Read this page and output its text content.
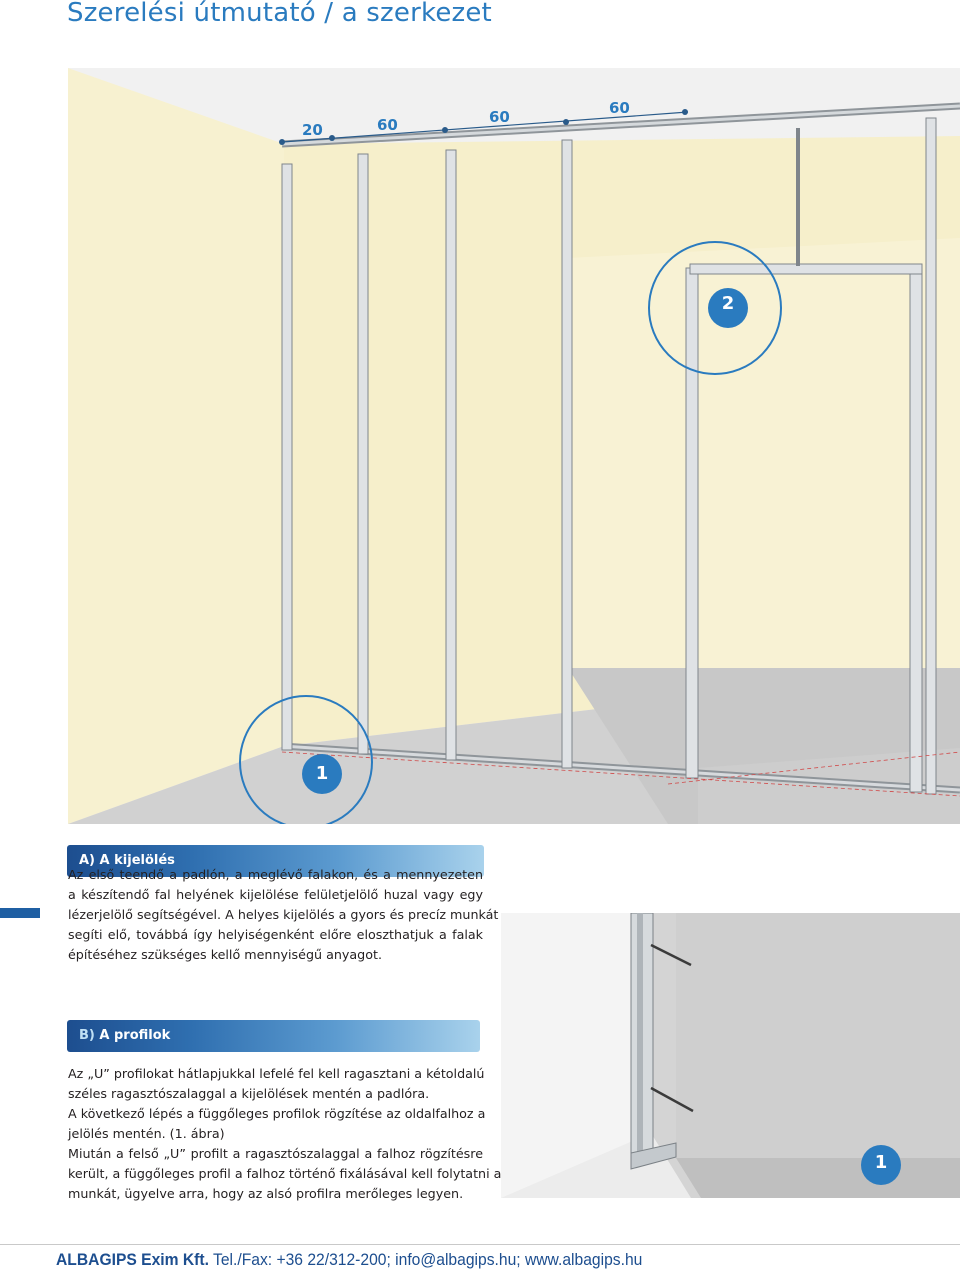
Szerelési útmutató / a szerkezet
20	60	60	60
2
1
A) A kijelölés
Az első teendő a padlón, a meglévő falakon, és a mennyezeten
a készítendő fal helyének kijelölése felületjelölő huzal vagy egy
lézerjelölő segítségével. A helyes kijelölés a gyors és precíz munkát
segíti elő, továbbá így helyiségenként előre eloszthatjuk a falak
építéséhez szükséges kellő mennyiségű anyagot.
B) A profilok
Az „U” profilokat hátlapjukkal lefelé fel kell ragasztani a kétoldalú
széles ragasztószalaggal a kijelölések mentén a padlóra.
A következő lépés a függőleges profilok rögzítése az oldalfalhoz a
jelölés mentén. (1. ábra)
Miután a felső „U” profilt a ragasztószalaggal a falhoz rögzítésre
került, a függőleges profil a falhoz történő fixálásával kell folytatni a
munkát, ügyelve arra, hogy az alsó profilra merőleges legyen.
1
ALBAGIPS Exim Kft. Tel./Fax: +36 22/312-200; info@albagips.hu; www.albagips.hu
